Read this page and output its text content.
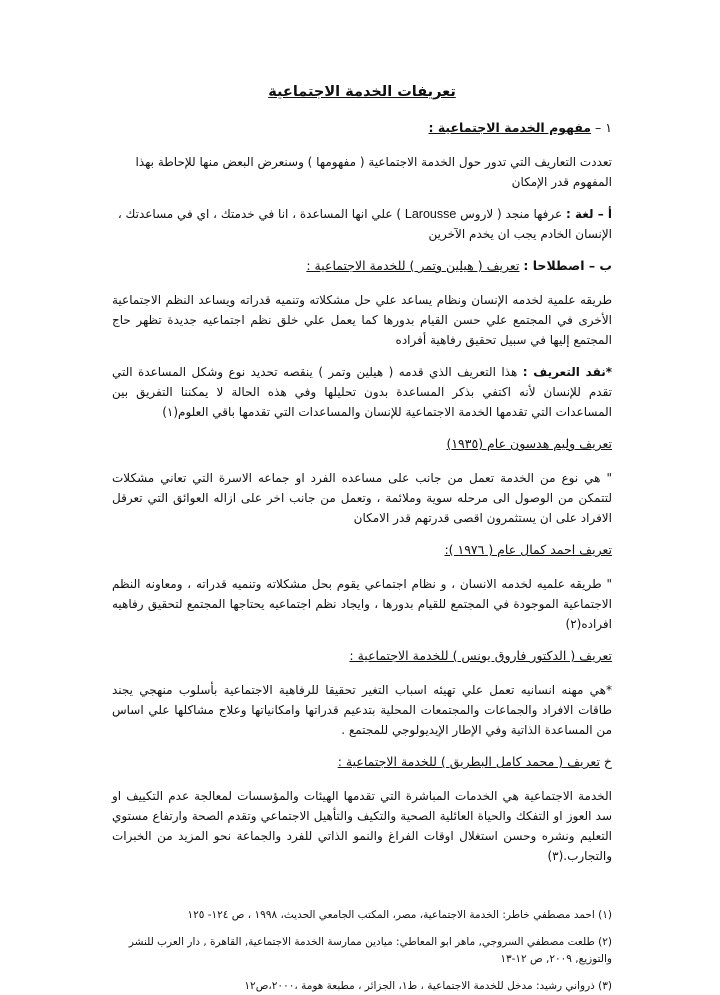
تعريفات الخدمة الاجتماعية
١ – مفهوم الخدمة الاجتماعية :
تعددت التعاريف التي تدور حول الخدمة الاجتماعية ( مفهومها ) وسنعرض البعض منها للإحاطة بهذا المفهوم قدر الإمكان
أ – لغة : عرفها منجد ( لاروس Larousse ) علي انها المساعدة ، انا في خدمتك ، اي في مساعدتك ، الإنسان الخادم يجب ان يخدم الآخرين
ب – اصطلاحا : تعريف ( هيلين وتمر ) للخدمة الاجتماعية :
طريقه علمية لخدمه الإنسان ونظام يساعد علي حل مشكلاته وتنميه قدراته ويساعد النظم الاجتماعية الأخرى في المجتمع علي حسن القيام بدورها كما يعمل علي خلق نظم اجتماعيه جديدة تظهر حاج المجتمع إليها في سبيل تحقيق رفاهية أفراده
*نقد التعريف : هذا التعريف الذي قدمه ( هيلين وتمر ) ينقصه تحديد نوع وشكل المساعدة التي تقدم للإنسان لأنه اكتفي بذكر المساعدة بدون تحليلها وفي هذه الحالة لا يمكننا التفريق بين المساعدات التي تقدمها الخدمة الاجتماعية للإنسان والمساعدات التي تقدمها باقي العلوم(١)
تعريف وليم هدسون عام (١٩٣٥)
" هي نوع من الخدمة تعمل من جانب على مساعده الفرد او جماعه الاسرة التي تعاني مشكلات لتتمكن من الوصول الى مرحله سوية وملائمة ، وتعمل من جانب اخر على ازاله العوائق التي تعرقل الافراد على ان يستثمرون اقصى قدرتهم قدر الامكان
تعريف احمد كمال عام ( ١٩٧٦ ):
" طريقه علميه لخدمه الانسان ، و نظام اجتماعي يقوم بحل مشكلاته وتنميه قدراته ، ومعاونه النظم الاجتماعية الموجودة في المجتمع للقيام بدورها ، وايجاد نظم اجتماعيه يحتاجها المجتمع لتحقيق رفاهيه افراده(٢)
تعريف ( الدكتور فاروق يونس ) للخدمة الاجتماعية :
*هي مهنه انسانيه تعمل علي تهيئه اسباب التغير تحقيقا للرفاهية الاجتماعية بأسلوب منهجي يجند طاقات الافراد والجماعات والمجتمعات المحلية بتدعيم قدراتها وامكانياتها وعلاج مشاكلها علي اساس من المساعدة الذاتية وفي الإطار الإيديولوجي للمجتمع .
خ تعريف ( محمد كامل البطريق ) للخدمة الاجتماعية :
الخدمة الاجتماعية هي الخدمات المباشرة التي تقدمها الهيئات والمؤسسات لمعالجة عدم التكييف او سد العوز او التفكك والحياة العائلية الصحية والتكيف والتأهيل الاجتماعي وتقدم الصحة وارتفاع مستوي التعليم ونشره وحسن استغلال اوقات الفراغ والنمو الذاتي للفرد والجماعة نحو المزيد من الخبرات والتجارب.(٣)
(١) احمد مصطفي خاطر: الخدمة الاجتماعية، مصر، المكتب الجامعي الحديث، ١٩٩٨ ، ص ١٢٤- ١٢٥
(٢) طلعت مصطفي السروجي, ماهر ابو المعاطي: ميادين ممارسة الخدمة الاجتماعية, القاهرة , دار العرب للنشر والتوزيع, ٢٠٠٩, ص ١٢-١٣
(٣) ذرواني رشيد: مدخل للخدمة الاجتماعية ، ط١، الجزائر ، مطبعة هومة ،٢٠٠٠،ص١٢
